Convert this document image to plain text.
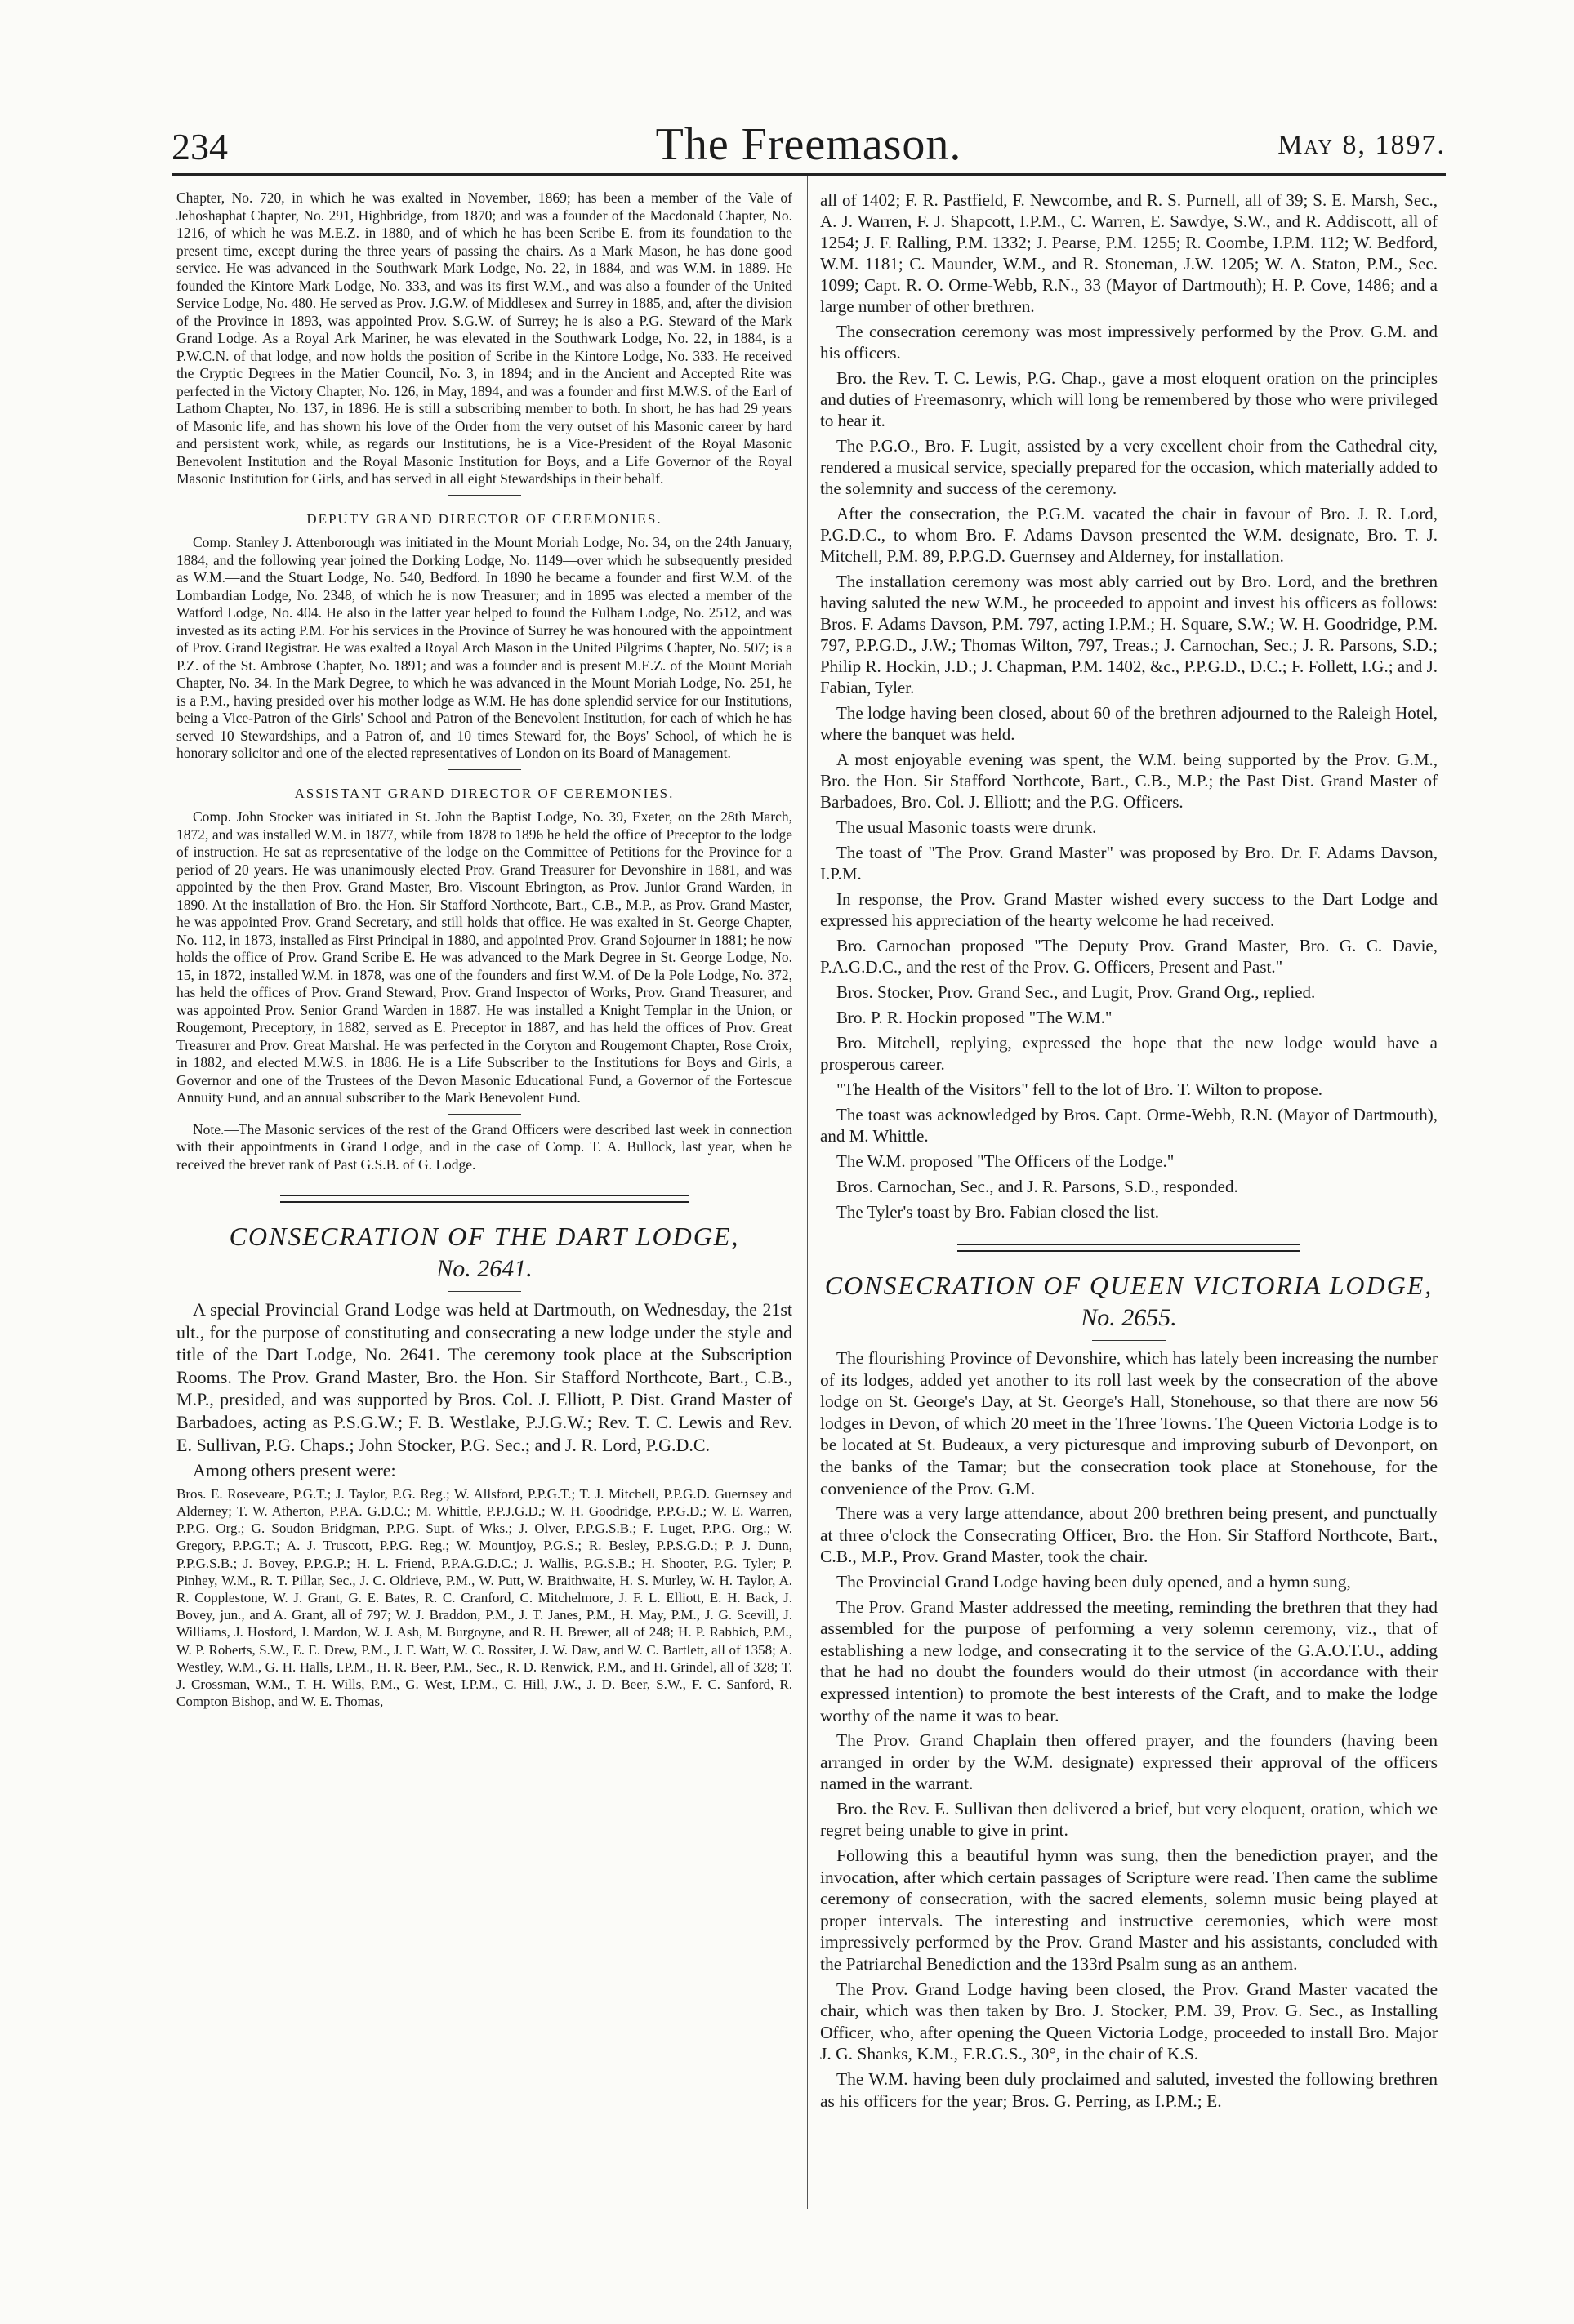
234	The Freemason.	May 8, 1897.

Chapter, No. 720, in which he was exalted in November, 1869; has been a member of the Vale of Jehoshaphat Chapter, No. 291, Highbridge, from 1870; and was a founder of the Macdonald Chapter, No. 1216, of which he was M.E.Z. in 1880, and of which he has been Scribe E. from its foundation to the present time, except during the three years of passing the chairs. As a Mark Mason, he has done good service. He was advanced in the Southwark Mark Lodge, No. 22, in 1884, and was W.M. in 1889. He founded the Kintore Mark Lodge, No. 333, and was its first W.M., and was also a founder of the United Service Lodge, No. 480. He served as Prov. J.G.W. of Middlesex and Surrey in 1885, and, after the division of the Province in 1893, was appointed Prov. S.G.W. of Surrey; he is also a P.G. Steward of the Mark Grand Lodge. As a Royal Ark Mariner, he was elevated in the Southwark Lodge, No. 22, in 1884, is a P.W.C.N. of that lodge, and now holds the position of Scribe in the Kintore Lodge, No. 333. He received the Cryptic Degrees in the Matier Council, No. 3, in 1894; and in the Ancient and Accepted Rite was perfected in the Victory Chapter, No. 126, in May, 1894, and was a founder and first M.W.S. of the Earl of Lathom Chapter, No. 137, in 1896. He is still a subscribing member to both. In short, he has had 29 years of Masonic life, and has shown his love of the Order from the very outset of his Masonic career by hard and persistent work, while, as regards our Institutions, he is a Vice-President of the Royal Masonic Benevolent Institution and the Royal Masonic Institution for Boys, and a Life Governor of the Royal Masonic Institution for Girls, and has served in all eight Stewardships in their behalf.

DEPUTY GRAND DIRECTOR OF CEREMONIES.

Comp. Stanley J. Attenborough was initiated in the Mount Moriah Lodge, No. 34, on the 24th January, 1884, and the following year joined the Dorking Lodge, No. 1149—over which he subsequently presided as W.M.—and the Stuart Lodge, No. 540, Bedford. In 1890 he became a founder and first W.M. of the Lombardian Lodge, No. 2348, of which he is now Treasurer; and in 1895 was elected a member of the Watford Lodge, No. 404. He also in the latter year helped to found the Fulham Lodge, No. 2512, and was invested as its acting P.M. For his services in the Province of Surrey he was honoured with the appointment of Prov. Grand Registrar. He was exalted a Royal Arch Mason in the United Pilgrims Chapter, No. 507; is a P.Z. of the St. Ambrose Chapter, No. 1891; and was a founder and is present M.E.Z. of the Mount Moriah Chapter, No. 34. In the Mark Degree, to which he was advanced in the Mount Moriah Lodge, No. 251, he is a P.M., having presided over his mother lodge as W.M. He has done splendid service for our Institutions, being a Vice-Patron of the Girls' School and Patron of the Benevolent Institution, for each of which he has served 10 Stewardships, and a Patron of, and 10 times Steward for, the Boys' School, of which he is honorary solicitor and one of the elected representatives of London on its Board of Management.

ASSISTANT GRAND DIRECTOR OF CEREMONIES.

Comp. John Stocker was initiated in St. John the Baptist Lodge, No. 39, Exeter, on the 28th March, 1872, and was installed W.M. in 1877, while from 1878 to 1896 he held the office of Preceptor to the lodge of instruction. He sat as representative of the lodge on the Committee of Petitions for the Province for a period of 20 years. He was unanimously elected Prov. Grand Treasurer for Devonshire in 1881, and was appointed by the then Prov. Grand Master, Bro. Viscount Ebrington, as Prov. Junior Grand Warden, in 1890. At the installation of Bro. the Hon. Sir Stafford Northcote, Bart., C.B., M.P., as Prov. Grand Master, he was appointed Prov. Grand Secretary, and still holds that office. He was exalted in St. George Chapter, No. 112, in 1873, installed as First Principal in 1880, and appointed Prov. Grand Sojourner in 1881; he now holds the office of Prov. Grand Scribe E. He was advanced to the Mark Degree in St. George Lodge, No. 15, in 1872, installed W.M. in 1878, was one of the founders and first W.M. of De la Pole Lodge, No. 372, has held the offices of Prov. Grand Steward, Prov. Grand Inspector of Works, Prov. Grand Treasurer, and was appointed Prov. Senior Grand Warden in 1887. He was installed a Knight Templar in the Union, or Rougemont, Preceptory, in 1882, served as E. Preceptor in 1887, and has held the offices of Prov. Great Treasurer and Prov. Great Marshal. He was perfected in the Coryton and Rougemont Chapter, Rose Croix, in 1882, and elected M.W.S. in 1886. He is a Life Subscriber to the Institutions for Boys and Girls, a Governor and one of the Trustees of the Devon Masonic Educational Fund, a Governor of the Fortescue Annuity Fund, and an annual subscriber to the Mark Benevolent Fund.

Note.—The Masonic services of the rest of the Grand Officers were described last week in connection with their appointments in Grand Lodge, and in the case of Comp. T. A. Bullock, last year, when he received the brevet rank of Past G.S.B. of G. Lodge.

CONSECRATION OF THE DART LODGE,
No. 2641.

A special Provincial Grand Lodge was held at Dartmouth, on Wednesday, the 21st ult., for the purpose of constituting and consecrating a new lodge under the style and title of the Dart Lodge, No. 2641. The ceremony took place at the Subscription Rooms. The Prov. Grand Master, Bro. the Hon. Sir Stafford Northcote, Bart., C.B., M.P., presided, and was supported by Bros. Col. J. Elliott, P. Dist. Grand Master of Barbadoes, acting as P.S.G.W.; F. B. Westlake, P.J.G.W.; Rev. T. C. Lewis and Rev. E. Sullivan, P.G. Chaps.; John Stocker, P.G. Sec.; and J. R. Lord, P.G.D.C.

Among others present were:

Bros. E. Roseveare, P.G.T.; J. Taylor, P.G. Reg.; W. Allsford, P.P.G.T.; T. J. Mitchell, P.P.G.D. Guernsey and Alderney; T. W. Atherton, P.P.A. G.D.C.; M. Whittle, P.P.J.G.D.; W. H. Goodridge, P.P.G.D.; W. E. Warren, P.P.G. Org.; G. Soudon Bridgman, P.P.G. Supt. of Wks.; J. Olver, P.P.G.S.B.; F. Luget, P.P.G. Org.; W. Gregory, P.P.G.T.; A. J. Truscott, P.P.G. Reg.; W. Mountjoy, P.G.S.; R. Besley, P.P.S.G.D.; P. J. Dunn, P.P.G.S.B.; J. Bovey, P.P.G.P.; H. L. Friend, P.P.A.G.D.C.; J. Wallis, P.G.S.B.; H. Shooter, P.G. Tyler; P. Pinhey, W.M., R. T. Pillar, Sec., J. C. Oldrieve, P.M., W. Putt, W. Braithwaite, H. S. Murley, W. H. Taylor, A. R. Copplestone, W. J. Grant, G. E. Bates, R. C. Cranford, C. Mitchelmore, J. F. L. Elliott, E. H. Back, J. Bovey, jun., and A. Grant, all of 797; W. J. Braddon, P.M., J. T. Janes, P.M., H. May, P.M., J. G. Scevill, J. Williams, J. Hosford, J. Mardon, W. J. Ash, M. Burgoyne, and R. H. Brewer, all of 248; H. P. Rabbich, P.M., W. P. Roberts, S.W., E. E. Drew, P.M., J. F. Watt, W. C. Rossiter, J. W. Daw, and W. C. Bartlett, all of 1358; A. Westley, W.M., G. H. Halls, I.P.M., H. R. Beer, P.M., Sec., R. D. Renwick, P.M., and H. Grindel, all of 328; T. J. Crossman, W.M., T. H. Wills, P.M., G. West, I.P.M., C. Hill, J.W., J. D. Beer, S.W., F. C. Sanford, R. Compton Bishop, and W. E. Thomas,

all of 1402; F. R. Pastfield, F. Newcombe, and R. S. Purnell, all of 39; S. E. Marsh, Sec., A. J. Warren, F. J. Shapcott, I.P.M., C. Warren, E. Sawdye, S.W., and R. Addiscott, all of 1254; J. F. Ralling, P.M. 1332; J. Pearse, P.M. 1255; R. Coombe, I.P.M. 112; W. Bedford, W.M. 1181; C. Maunder, W.M., and R. Stoneman, J.W. 1205; W. A. Staton, P.M., Sec. 1099; Capt. R. O. Orme-Webb, R.N., 33 (Mayor of Dartmouth); H. P. Cove, 1486; and a large number of other brethren.

The consecration ceremony was most impressively performed by the Prov. G.M. and his officers.

Bro. the Rev. T. C. Lewis, P.G. Chap., gave a most eloquent oration on the principles and duties of Freemasonry, which will long be remembered by those who were privileged to hear it.

The P.G.O., Bro. F. Lugit, assisted by a very excellent choir from the Cathedral city, rendered a musical service, specially prepared for the occasion, which materially added to the solemnity and success of the ceremony.

After the consecration, the P.G.M. vacated the chair in favour of Bro. J. R. Lord, P.G.D.C., to whom Bro. F. Adams Davson presented the W.M. designate, Bro. T. J. Mitchell, P.M. 89, P.P.G.D. Guernsey and Alderney, for installation.

The installation ceremony was most ably carried out by Bro. Lord, and the brethren having saluted the new W.M., he proceeded to appoint and invest his officers as follows: Bros. F. Adams Davson, P.M. 797, acting I.P.M.; H. Square, S.W.; W. H. Goodridge, P.M. 797, P.P.G.D., J.W.; Thomas Wilton, 797, Treas.; J. Carnochan, Sec.; J. R. Parsons, S.D.; Philip R. Hockin, J.D.; J. Chapman, P.M. 1402, &c., P.P.G.D., D.C.; F. Follett, I.G.; and J. Fabian, Tyler.

The lodge having been closed, about 60 of the brethren adjourned to the Raleigh Hotel, where the banquet was held.

A most enjoyable evening was spent, the W.M. being supported by the Prov. G.M., Bro. the Hon. Sir Stafford Northcote, Bart., C.B., M.P.; the Past Dist. Grand Master of Barbadoes, Bro. Col. J. Elliott; and the P.G. Officers.

The usual Masonic toasts were drunk.

The toast of "The Prov. Grand Master" was proposed by Bro. Dr. F. Adams Davson, I.P.M.

In response, the Prov. Grand Master wished every success to the Dart Lodge and expressed his appreciation of the hearty welcome he had received.

Bro. Carnochan proposed "The Deputy Prov. Grand Master, Bro. G. C. Davie, P.A.G.D.C., and the rest of the Prov. G. Officers, Present and Past."

Bros. Stocker, Prov. Grand Sec., and Lugit, Prov. Grand Org., replied.

Bro. P. R. Hockin proposed "The W.M."

Bro. Mitchell, replying, expressed the hope that the new lodge would have a prosperous career.

"The Health of the Visitors" fell to the lot of Bro. T. Wilton to propose.

The toast was acknowledged by Bros. Capt. Orme-Webb, R.N. (Mayor of Dartmouth), and M. Whittle.

The W.M. proposed "The Officers of the Lodge."

Bros. Carnochan, Sec., and J. R. Parsons, S.D., responded.

The Tyler's toast by Bro. Fabian closed the list.

CONSECRATION OF QUEEN VICTORIA LODGE,
No. 2655.

The flourishing Province of Devonshire, which has lately been increasing the number of its lodges, added yet another to its roll last week by the consecration of the above lodge on St. George's Day, at St. George's Hall, Stonehouse, so that there are now 56 lodges in Devon, of which 20 meet in the Three Towns. The Queen Victoria Lodge is to be located at St. Budeaux, a very picturesque and improving suburb of Devonport, on the banks of the Tamar; but the consecration took place at Stonehouse, for the convenience of the Prov. G.M.

There was a very large attendance, about 200 brethren being present, and punctually at three o'clock the Consecrating Officer, Bro. the Hon. Sir Stafford Northcote, Bart., C.B., M.P., Prov. Grand Master, took the chair.

The Provincial Grand Lodge having been duly opened, and a hymn sung,

The Prov. Grand Master addressed the meeting, reminding the brethren that they had assembled for the purpose of performing a very solemn ceremony, viz., that of establishing a new lodge, and consecrating it to the service of the G.A.O.T.U., adding that he had no doubt the founders would do their utmost (in accordance with their expressed intention) to promote the best interests of the Craft, and to make the lodge worthy of the name it was to bear.

The Prov. Grand Chaplain then offered prayer, and the founders (having been arranged in order by the W.M. designate) expressed their approval of the officers named in the warrant.

Bro. the Rev. E. Sullivan then delivered a brief, but very eloquent, oration, which we regret being unable to give in print.

Following this a beautiful hymn was sung, then the benediction prayer, and the invocation, after which certain passages of Scripture were read. Then came the sublime ceremony of consecration, with the sacred elements, solemn music being played at proper intervals. The interesting and instructive ceremonies, which were most impressively performed by the Prov. Grand Master and his assistants, concluded with the Patriarchal Benediction and the 133rd Psalm sung as an anthem.

The Prov. Grand Lodge having been closed, the Prov. Grand Master vacated the chair, which was then taken by Bro. J. Stocker, P.M. 39, Prov. G. Sec., as Installing Officer, who, after opening the Queen Victoria Lodge, proceeded to install Bro. Major J. G. Shanks, K.M., F.R.G.S., 30°, in the chair of K.S.

The W.M. having been duly proclaimed and saluted, invested the following brethren as his officers for the year; Bros. G. Perring, as I.P.M.; E.
